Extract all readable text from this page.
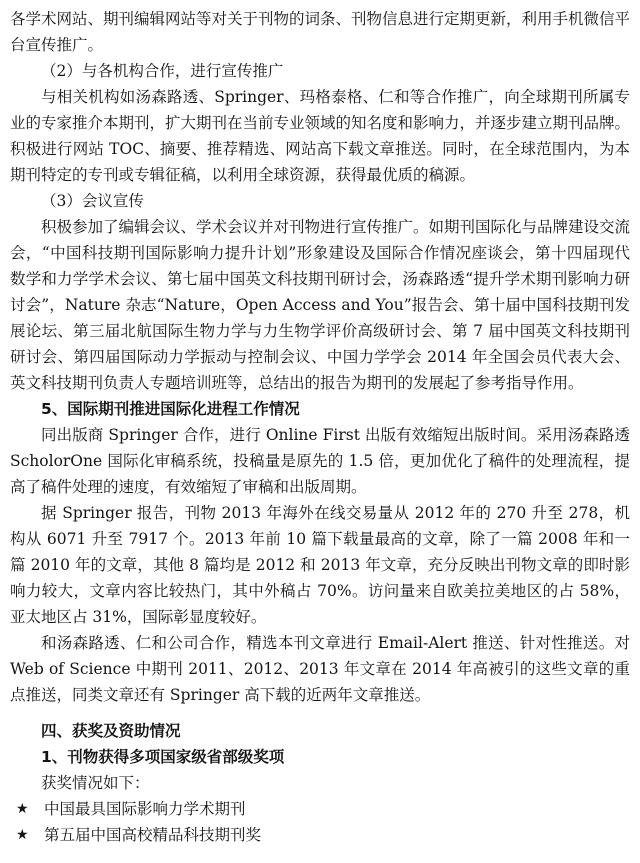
各学术网站、期刊编辑网站等对关于刊物的词条、刊物信息进行定期更新，利用手机微信平台宣传推广。

（2）与各机构合作，进行宣传推广

与相关机构如汤森路透、Springer、玛格泰格、仁和等合作推广，向全球期刊所属专业的专家推介本期刊，扩大期刊在当前专业领域的知名度和影响力，并逐步建立期刊品牌。积极进行网站 TOC、摘要、推荐精选、网站高下载文章推送。同时，在全球范围内，为本期刊特定的专刊或专辑征稿，以利用全球资源，获得最优质的稿源。

（3）会议宣传

积极参加了编辑会议、学术会议并对刊物进行宣传推广。如期刊国际化与品牌建设交流会，“中国科技期刊国际影响力提升计划”形象建设及国际合作情况座谈会，第十四届现代数学和力学学术会议、第七届中国英文科技期刊研讨会，汤森路透“提升学术期刊影响力研讨会”，Nature 杂志“Nature，Open Access and You”报告会、第十届中国科技期刊发展论坛、第三届北航国际生物力学与力生物学评价高级研讨会、第 7 届中国英文科技期刊研讨会、第四届国际动力学振动与控制会议、中国力学学会 2014 年全国会员代表大会、英文科技期刊负责人专题培训班等，总结出的报告为期刊的发展起了参考指导作用。

5、国际期刊推进国际化进程工作情况

同出版商 Springer 合作，进行 Online First 出版有效缩短出版时间。采用汤森路透 ScholorOne 国际化审稿系统，投稿量是原先的 1.5 倍，更加优化了稿件的处理流程，提高了稿件处理的速度，有效缩短了审稿和出版周期。

据 Springer 报告，刊物 2013 年海外在线交易量从 2012 年的 270 升至 278，机构从 6071 升至 7917 个。2013 年前 10 篇下载量最高的文章，除了一篇 2008 年和一篇 2010 年的文章，其他 8 篇均是 2012 和 2013 年文章，充分反映出刊物文章的即时影响力较大，文章内容比较热门，其中外稿占 70%。访问量来自欧美拉美地区的占 58%，亚太地区占 31%，国际彰显度较好。

和汤森路透、仁和公司合作，精选本刊文章进行 Email-Alert 推送、针对性推送。对 Web of Science 中期刊 2011、2012、2013 年文章在 2014 年高被引的这些文章的重点推送，同类文章还有 Springer 高下载的近两年文章推送。

四、获奖及资助情况

1、刊物获得多项国家级省部级奖项

获奖情况如下：

★ 中国最具国际影响力学术期刊
★ 第五届中国高校精品科技期刊奖
